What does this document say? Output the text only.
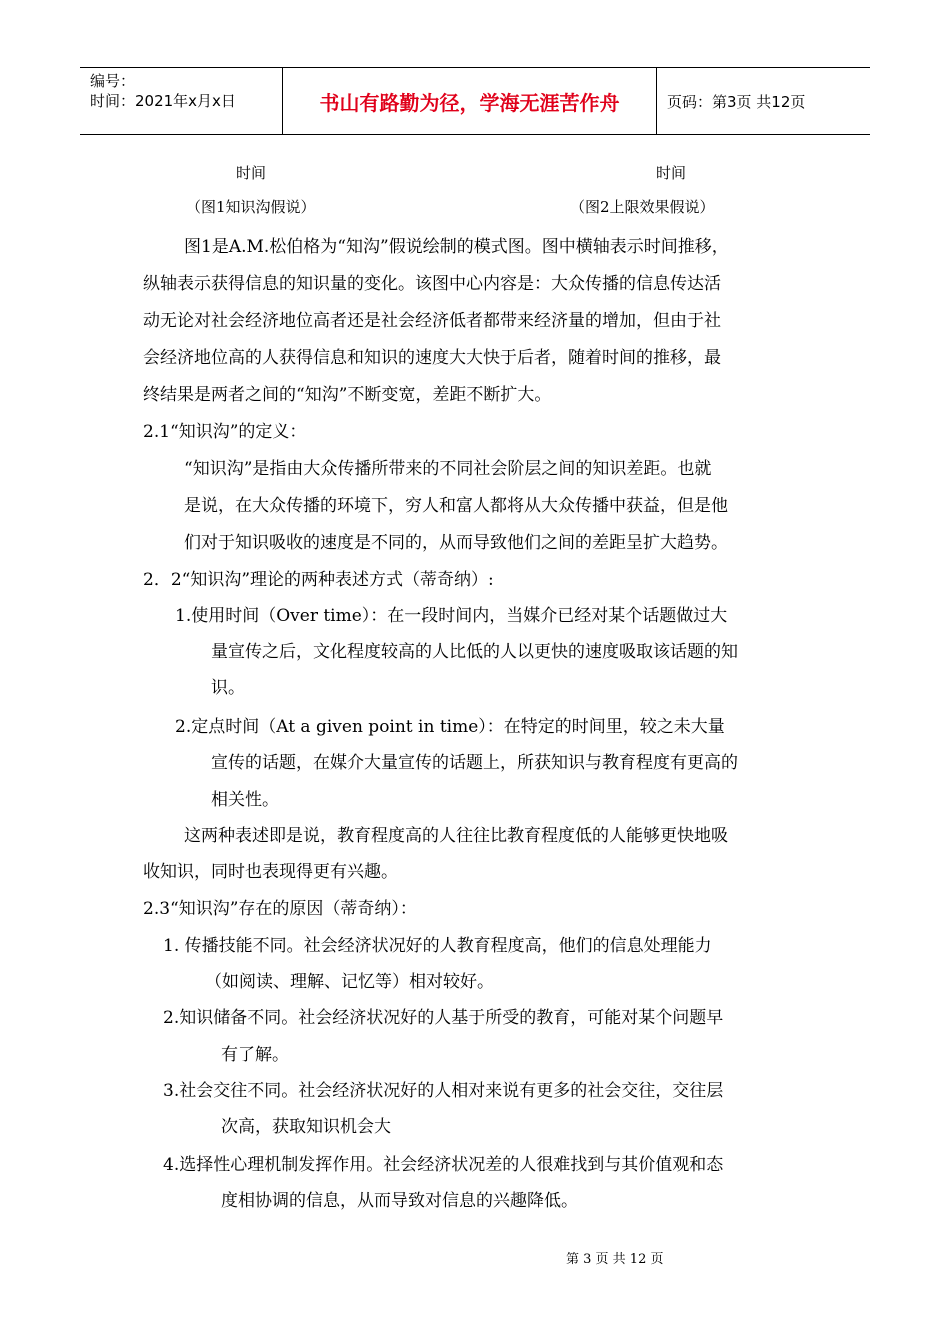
编号：
时间：2021年x月x日	书山有路勤为径，学海无涯苦作舟	页码：第3页 共12页
时间	时间
（图1知识沟假说）	（图2上限效果假说）
图1是A.M.松伯格为“知沟”假说绘制的模式图。图中横轴表示时间推移，
纵轴表示获得信息的知识量的变化。该图中心内容是：大众传播的信息传达活
动无论对社会经济地位高者还是社会经济低者都带来经济量的增加，但由于社
会经济地位高的人获得信息和知识的速度大大快于后者，随着时间的推移，最
终结果是两者之间的“知沟”不断变宽，差距不断扩大。
2.1“知识沟”的定义：
“知识沟”是指由大众传播所带来的不同社会阶层之间的知识差距。也就
是说，在大众传播的环境下，穷人和富人都将从大众传播中获益，但是他
们对于知识吸收的速度是不同的，从而导致他们之间的差距呈扩大趋势。
2．2“知识沟”理论的两种表述方式（蒂奇纳）:
1.使用时间（Over time）：在一段时间内，当媒介已经对某个话题做过大
量宣传之后，文化程度较高的人比低的人以更快的速度吸取该话题的知
识。
2.定点时间（At a given point in time）：在特定的时间里，较之未大量
宣传的话题，在媒介大量宣传的话题上，所获知识与教育程度有更高的
相关性。
这两种表述即是说，教育程度高的人往往比教育程度低的人能够更快地吸
收知识，同时也表现得更有兴趣。
2.3“知识沟”存在的原因（蒂奇纳）：
1. 传播技能不同。社会经济状况好的人教育程度高，他们的信息处理能力
（如阅读、理解、记忆等）相对较好。
2.知识储备不同。社会经济状况好的人基于所受的教育，可能对某个问题早
有了解。
3.社会交往不同。社会经济状况好的人相对来说有更多的社会交往，交往层
次高，获取知识机会大
4.选择性心理机制发挥作用。社会经济状况差的人很难找到与其价值观和态
度相协调的信息，从而导致对信息的兴趣降低。
第 3 页 共 12 页
